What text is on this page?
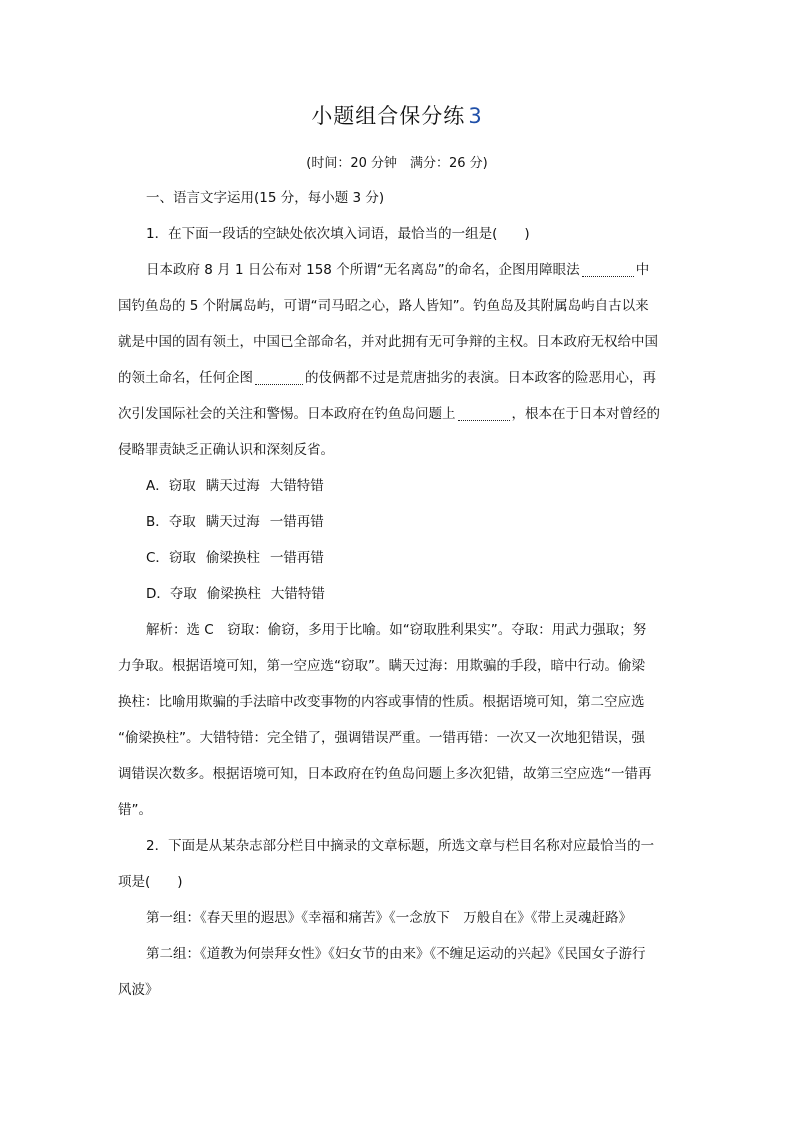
小题组合保分练 3
(时间：20 分钟　满分：26 分)
一、语言文字运用(15 分，每小题 3 分)
1．在下面一段话的空缺处依次填入词语，最恰当的一组是(　　)
日本政府 8 月 1 日公布对 158 个所谓“无名离岛”的命名，企图用障眼法	中
国钓鱼岛的 5 个附属岛屿，可谓“司马昭之心，路人皆知”。钓鱼岛及其附属岛屿自古以来
就是中国的固有领土，中国已全部命名，并对此拥有无可争辩的主权。日本政府无权给中国
的领土命名，任何企图	的伎俩都不过是荒唐拙劣的表演。日本政客的险恶用心，再
次引发国际社会的关注和警惕。日本政府在钓鱼岛问题上	，根本在于日本对曾经的
侵略罪责缺乏正确认识和深刻反省。
A．窃取 瞒天过海 大错特错
B．夺取 瞒天过海 一错再错
C．窃取 偷梁换柱 一错再错
D．夺取 偷梁换柱 大错特错
解析：选 C　窃取：偷窃，多用于比喻。如“窃取胜利果实”。夺取：用武力强取；努
力争取。根据语境可知，第一空应选“窃取”。瞒天过海：用欺骗的手段，暗中行动。偷梁
换柱：比喻用欺骗的手法暗中改变事物的内容或事情的性质。根据语境可知，第二空应选
“偷梁换柱”。大错特错：完全错了，强调错误严重。一错再错：一次又一次地犯错误，强
调错误次数多。根据语境可知，日本政府在钓鱼岛问题上多次犯错，故第三空应选“一错再
错”。
2．下面是从某杂志部分栏目中摘录的文章标题，所选文章与栏目名称对应最恰当的一
项是(　　)
第一组：《春天里的遐思》《幸福和痛苦》《一念放下　万般自在》《带上灵魂赶路》
第二组：《道教为何崇拜女性》《妇女节的由来》《不缠足运动的兴起》《民国女子游行
风波》
